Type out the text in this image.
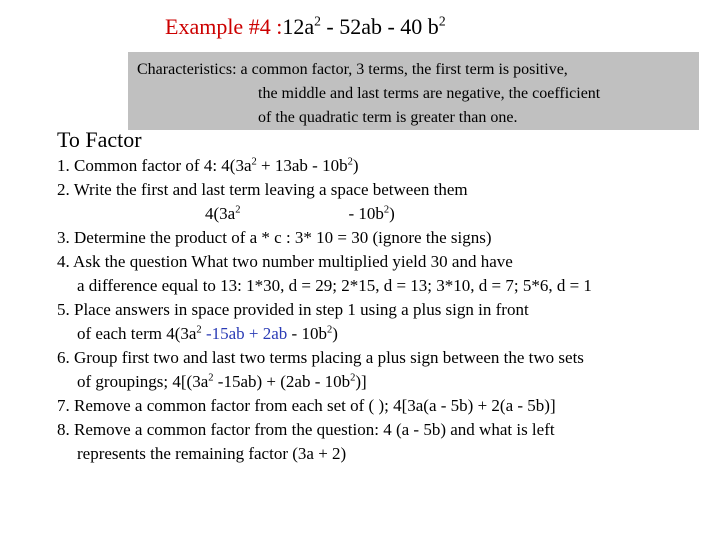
Example #4 $:12a^2 - 52ab - 40$ $b^2$
Characteristics: a common factor, 3 terms, the first term is positive,
the middle and last terms are negative, the coefficient
of the quadratic term is greater than one.
To Factor
1. Common factor of 4: $4(3a^2 + 13ab - 10b^2)$
2. Write the first and last term leaving a space between them
$4(3a^2$	- $10b^2$)
3. Determine the product of a * c : 3* 10 = 30 (ignore the signs)
4. Ask the question What two number multiplied yield 30 and have
a difference equal to 13: 1*30, d = 29; 2*15, d = 13; 3*10, d = 7; 5*6, d = 1
5. Place answers in space provided in step 1 using a plus sign in front
of each term $4(3a^2$ $-15ab + 2ab - 10b^2$)
6. Group first two and last two terms placing a plus sign between the two sets
of groupings; $4[(3a^2$ $-15ab) + (2ab - 10b^2)$]
7. Remove a common factor from each set of ( ); 4[3a(a - 5b) + 2(a - 5b)]
8. Remove a common factor from the question: 4 (a - 5b) and what is left
represents the remaining factor (3a + 2)
